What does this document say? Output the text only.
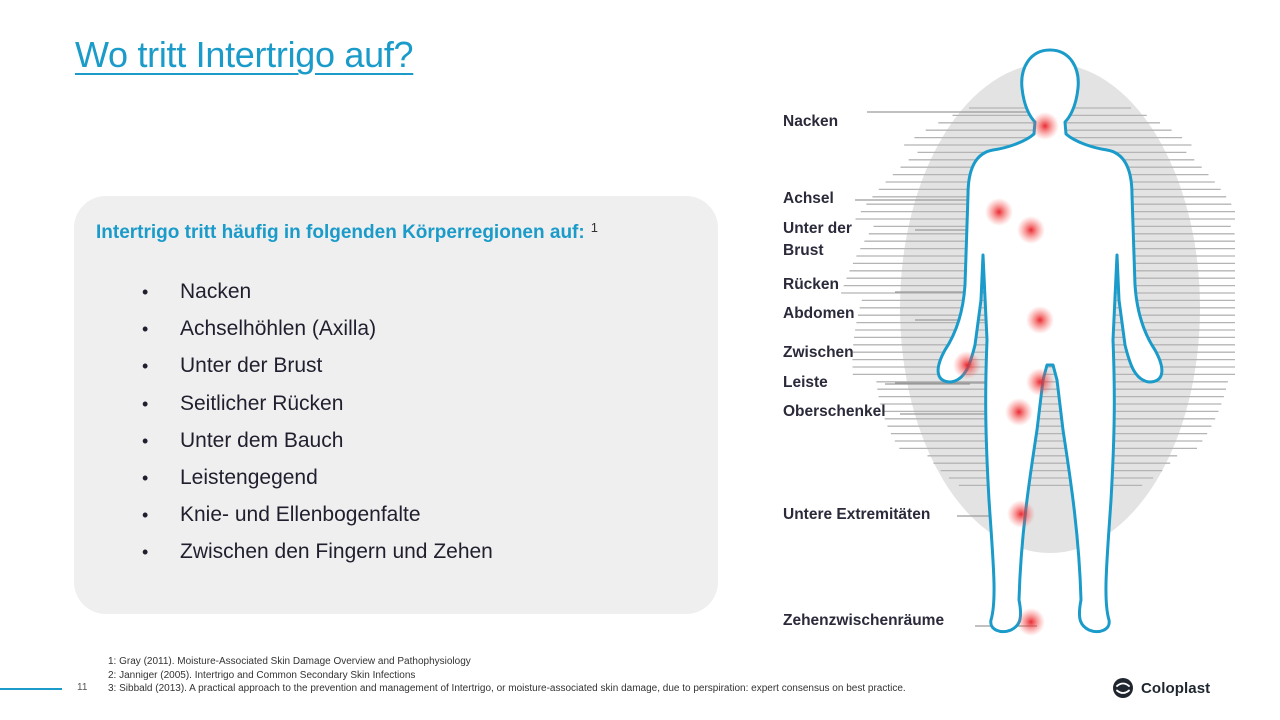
Wo tritt Intertrigo auf?
Intertrigo tritt häufig in folgenden Körperregionen auf: $^1$
• Nacken
• Achselhöhlen (Axilla)
• Unter der Brust
• Seitlicher Rücken
• Unter dem Bauch
• Leistengegend
• Knie- und Ellenbogenfalte
• Zwischen den Fingern und Zehen
Nacken
Achsel
Unter der
Brust
Rücken
Abdomen
Zwischen
Leiste
Oberschenkel
Untere Extremitäten
Zehenzwischenräume
1: Gray (2011). Moisture-Associated Skin Damage Overview and Pathophysiology
2: Janniger (2005). Intertrigo and Common Secondary Skin Infections
3: Sibbald (2013). A practical approach to the prevention and management of Intertrigo, or moisture-associated skin damage, due to perspiration: expert consensus on best practice.
11	Coloplast
